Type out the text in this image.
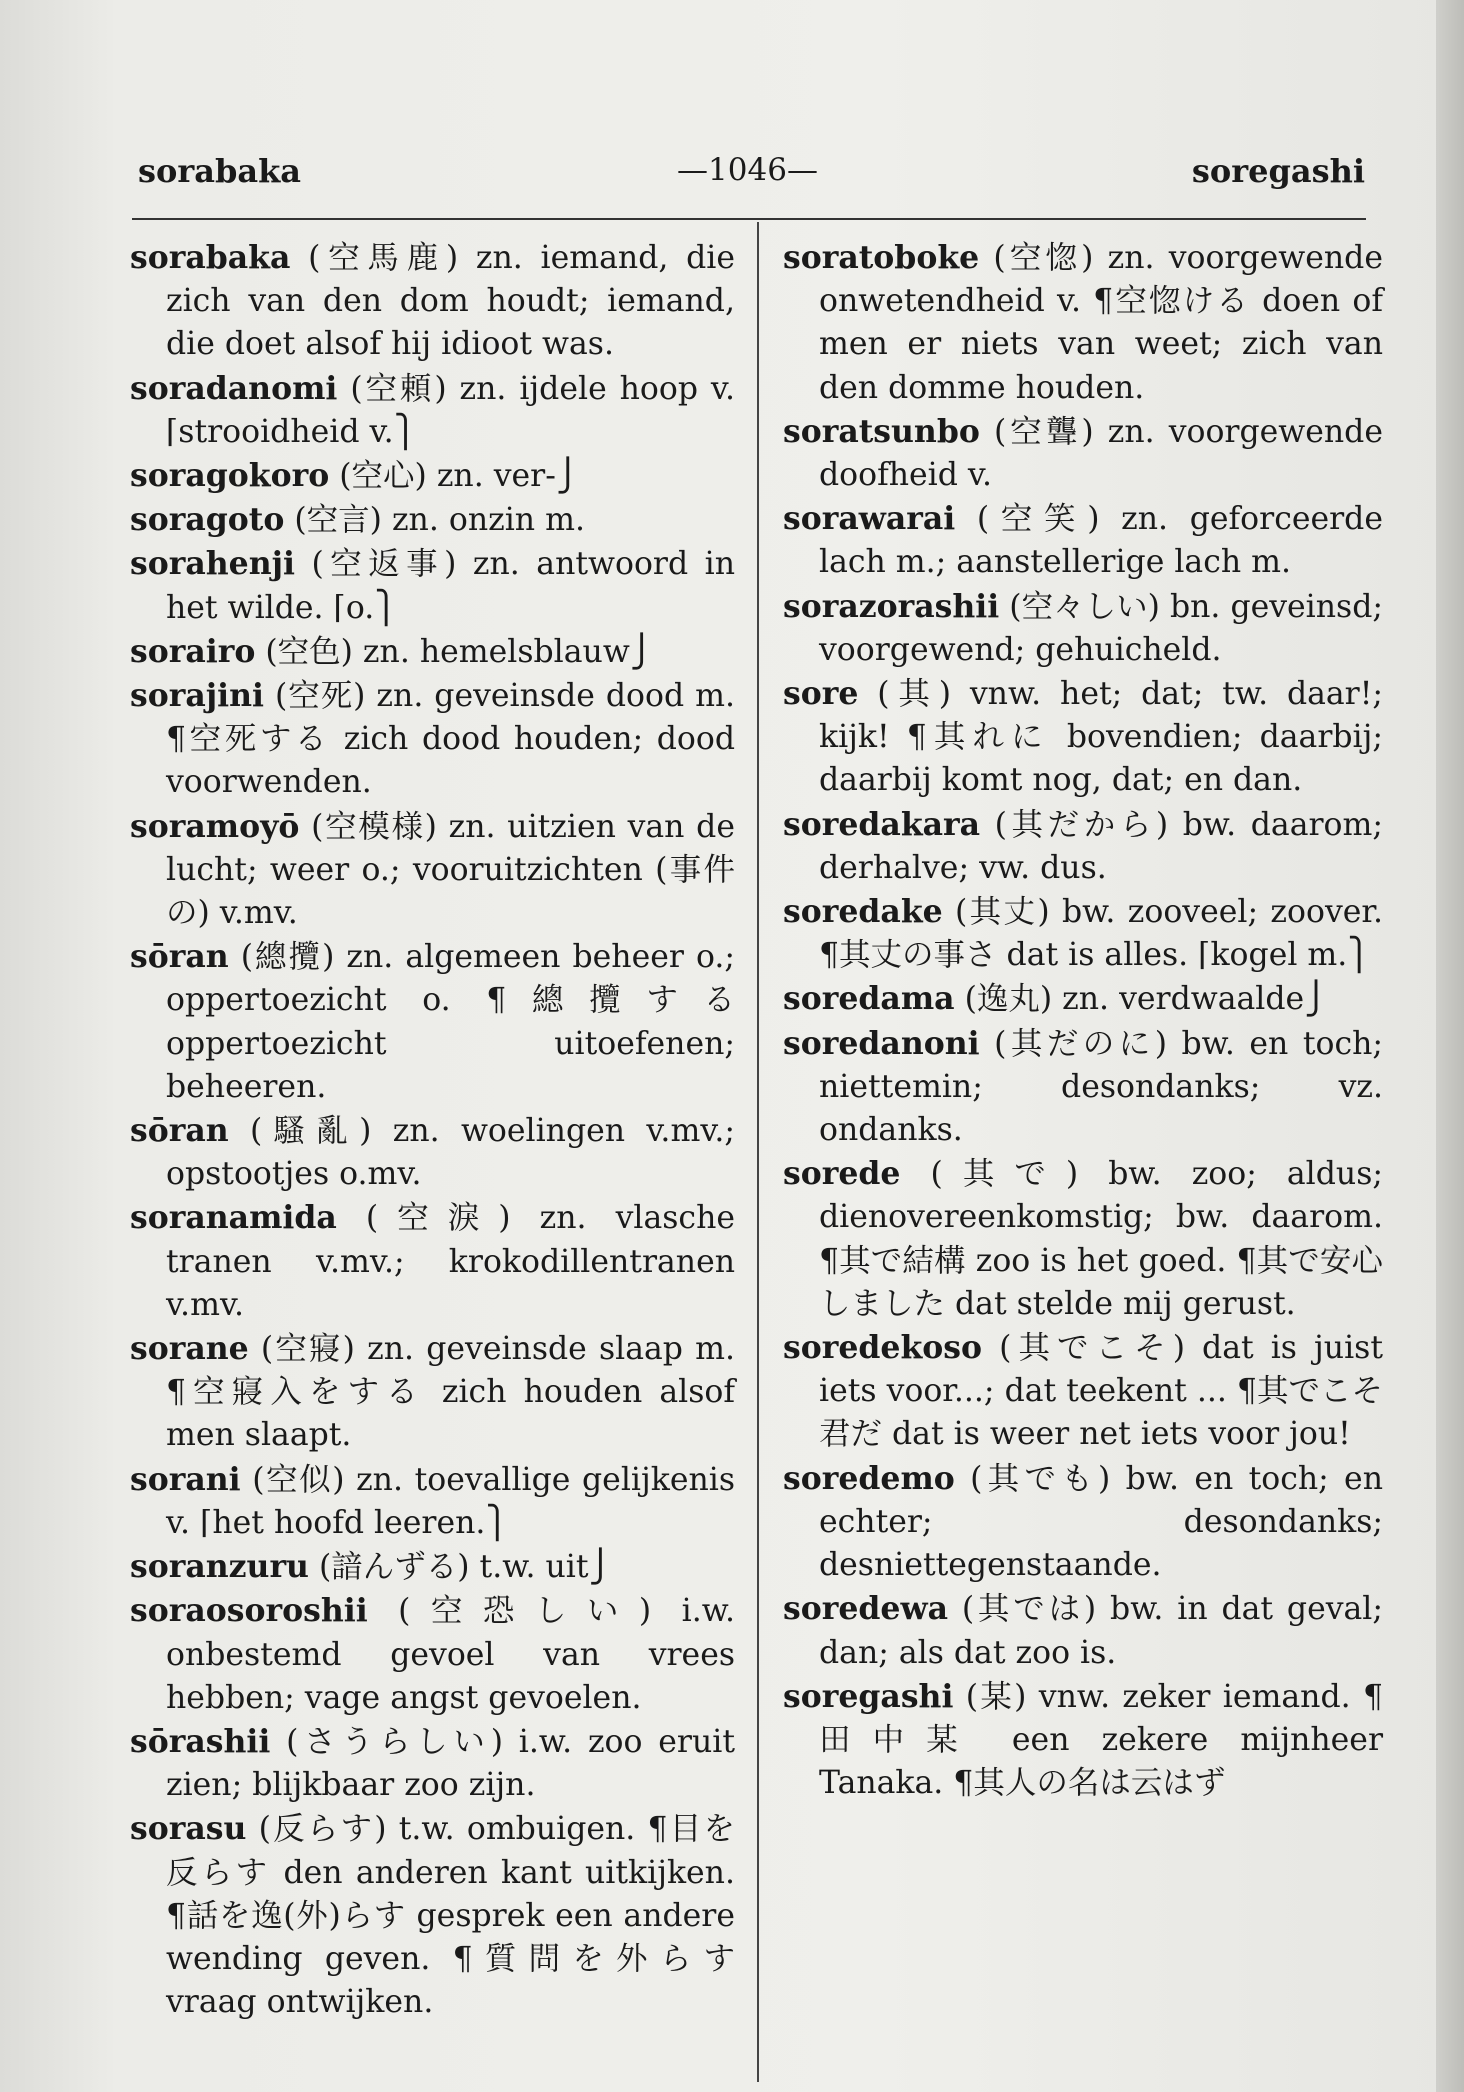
sorabaka	—1046—	soregashi
sorabaka (空馬鹿) zn. iemand, die zich van den dom houdt; iemand, die doet alsof hij idioot was.
soradanomi (空頼) zn. ijdele hoop v. ⌈strooidheid v.⎫
soragokoro (空心) zn. ver-⎭
soragoto (空言) zn. onzin m.
sorahenji (空返事) zn. antwoord in het wilde. ⌈o.⎫
sorairo (空色) zn. hemelsblauw⎭
sorajini (空死) zn. geveinsde dood m. ¶空死する zich dood houden; dood voorwenden.
soramoyō (空模様) zn. uitzien van de lucht; weer o.; vooruitzichten (事件の) v.mv.
sōran (總攬) zn. algemeen beheer o.; oppertoezicht o. ¶總攬する oppertoezicht uitoefenen; beheeren.
sōran (騷亂) zn. woelingen v.mv.; opstootjes o.mv.
soranamida (空淚) zn. vlasche tranen v.mv.; krokodillentranen v.mv.
sorane (空寢) zn. geveinsde slaap m. ¶空寢入をする zich houden alsof men slaapt.
sorani (空似) zn. toevallige gelijkenis v. ⌈het hoofd leeren.⎫
soranzuru (諳んずる) t.w. uit⎭
soraosoroshii (空恐しい) i.w. onbestemd gevoel van vrees hebben; vage angst gevoelen.
sōrashii (さうらしい) i.w. zoo eruit zien; blijkbaar zoo zijn.
sorasu (反らす) t.w. ombuigen. ¶目を反らす den anderen kant uitkijken. ¶話を逸(外)らす gesprek een andere wending geven. ¶質問を外らす vraag ontwijken.
soratoboke (空惚) zn. voorgewende onwetendheid v. ¶空惚ける doen of men er niets van weet; zich van den domme houden.
soratsunbo (空聾) zn. voorgewende doofheid v.
sorawarai (空笑) zn. geforceerde lach m.; aanstellerige lach m.
sorazorashii (空々しい) bn. geveinsd; voorgewend; gehuicheld.
sore (其) vnw. het; dat; tw. daar!; kijk! ¶其れに bovendien; daarbij; daarbij komt nog, dat; en dan.
soredakara (其だから) bw. daarom; derhalve; vw. dus.
soredake (其丈) bw. zooveel; zoover. ¶其丈の事さ dat is alles. ⌈kogel m.⎫
soredama (逸丸) zn. verdwaalde⎭
soredanoni (其だのに) bw. en toch; niettemin; desondanks; vz. ondanks.
sorede (其で) bw. zoo; aldus; dienovereenkomstig; bw. daarom. ¶其で結構 zoo is het goed. ¶其で安心しました dat stelde mij gerust.
soredekoso (其でこそ) dat is juist iets voor...; dat teekent ... ¶其でこそ君だ dat is weer net iets voor jou!
soredemo (其でも) bw. en toch; en echter; desondanks; desniettegenstaande.
soredewa (其では) bw. in dat geval; dan; als dat zoo is.
soregashi (某) vnw. zeker iemand. ¶田中某 een zekere mijnheer Tanaka. ¶其人の名は云はず
